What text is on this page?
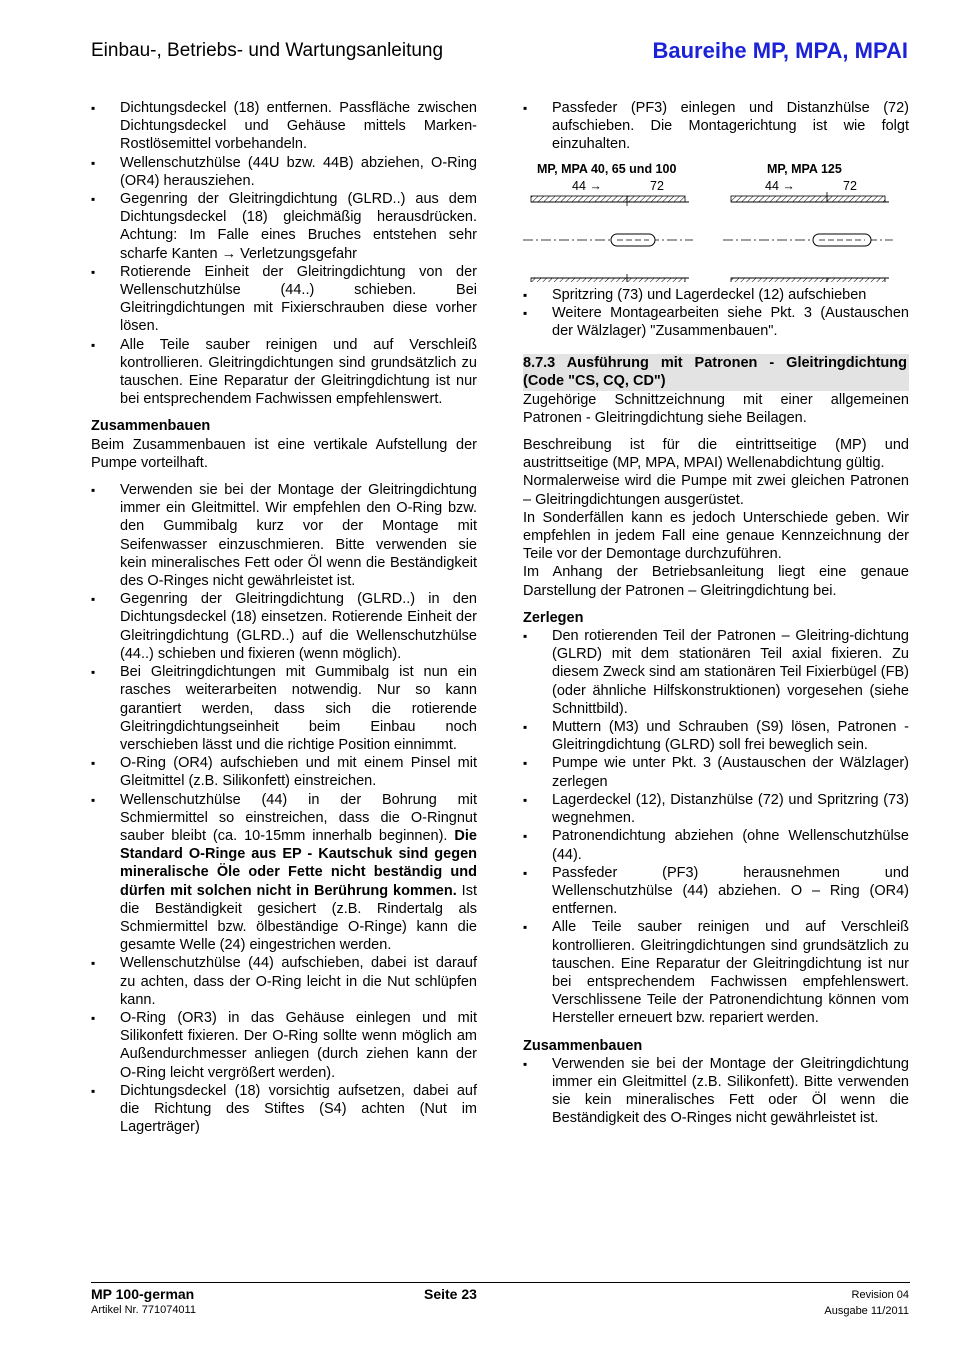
Einbau-, Betriebs- und Wartungsanleitung	Baureihe MP, MPA, MPAI
▪ Dichtungsdeckel (18) entfernen. Passfläche zwischen Dichtungsdeckel und Gehäuse mittels Marken-Rostlösemittel vorbehandeln.
▪ Wellenschutzhülse (44U bzw. 44B) abziehen, O-Ring (OR4) herausziehen.
▪ Gegenring der Gleitringdichtung (GLRD..) aus dem Dichtungsdeckel (18) gleichmäßig herausdrücken. Achtung: Im Falle eines Bruches entstehen sehr scharfe Kanten → Verletzungsgefahr
▪ Rotierende Einheit der Gleitringdichtung von der Wellenschutzhülse (44..) schieben. Bei Gleitringdichtungen mit Fixierschrauben diese vorher lösen.
▪ Alle Teile sauber reinigen und auf Verschleiß kontrollieren. Gleitringdichtungen sind grundsätzlich zu tauschen. Eine Reparatur der Gleitringdichtung ist nur bei entsprechendem Fachwissen empfehlenswert.

Zusammenbauen

Beim Zusammenbauen ist eine vertikale Aufstellung der Pumpe vorteilhaft.

▪ Verwenden sie bei der Montage der Gleitringdichtung immer ein Gleitmittel. Wir empfehlen den O-Ring bzw. den Gummibalg kurz vor der Montage mit Seifenwasser einzuschmieren. Bitte verwenden sie kein mineralisches Fett oder Öl wenn die Beständigkeit des O-Ringes nicht gewährleistet ist.
▪ Gegenring der Gleitringdichtung (GLRD..) in den Dichtungsdeckel (18) einsetzen. Rotierende Einheit der Gleitringdichtung (GLRD..) auf die Wellenschutzhülse (44..) schieben und fixieren (wenn möglich).
▪ Bei Gleitringdichtungen mit Gummibalg ist nun ein rasches weiterarbeiten notwendig. Nur so kann garantiert werden, dass sich die rotierende Gleitringdichtungseinheit beim Einbau noch verschieben lässt und die richtige Position einnimmt.
▪ O-Ring (OR4) aufschieben und mit einem Pinsel mit Gleitmittel (z.B. Silikonfett) einstreichen.
▪ Wellenschutzhülse (44) in der Bohrung mit Schmiermittel so einstreichen, dass die O-Ringnut sauber bleibt (ca. 10-15mm innerhalb beginnen). Die Standard O-Ringe aus EP - Kautschuk sind gegen mineralische Öle oder Fette nicht beständig und dürfen mit solchen nicht in Berührung kommen. Ist die Beständigkeit gesichert (z.B. Rindertalg als Schmiermittel bzw. ölbeständige O-Ringe) kann die gesamte Welle (24) eingestrichen werden.
▪ Wellenschutzhülse (44) aufschieben, dabei ist darauf zu achten, dass der O-Ring leicht in die Nut schlüpfen kann.
▪ O-Ring (OR3) in das Gehäuse einlegen und mit Silikonfett fixieren. Der O-Ring sollte wenn möglich am Außendurchmesser anliegen (durch ziehen kann der O-Ring leicht vergrößert werden).
▪ Dichtungsdeckel (18) vorsichtig aufsetzen, dabei auf die Richtung des Stiftes (S4) achten (Nut im Lagerträger)
▪ Passfeder (PF3) einlegen und Distanzhülse (72) aufschieben. Die Montagerichtung ist wie folgt einzuhalten.
MP, MPA 40, 65 und 100	MP, MPA 125
44 →	72	44 →	72
▪ Spritzring (73) und Lagerdeckel (12) aufschieben
▪ Weitere Montagearbeiten siehe Pkt. 3 (Austauschen der Wälzlager) "Zusammenbauen".

8.7.3 Ausführung mit Patronen - Gleitringdichtung (Code "CS, CQ, CD")

Zugehörige Schnittzeichnung mit einer allgemeinen Patronen - Gleitringdichtung siehe Beilagen.

Beschreibung ist für die eintrittseitige (MP) und austrittseitige (MP, MPA, MPAI) Wellenabdichtung gültig.

Normalerweise wird die Pumpe mit zwei gleichen Patronen – Gleitringdichtungen ausgerüstet.

In Sonderfällen kann es jedoch Unterschiede geben. Wir empfehlen in jedem Fall eine genaue Kennzeichnung der Teile vor der Demontage durchzuführen.

Im Anhang der Betriebsanleitung liegt eine genaue Darstellung der Patronen – Gleitringdichtung bei.

Zerlegen

▪ Den rotierenden Teil der Patronen – Gleitring-dichtung (GLRD) mit dem stationären Teil axial fixieren. Zu diesem Zweck sind am stationären Teil Fixierbügel (FB) (oder ähnliche Hilfskonstruktionen) vorgesehen (siehe Schnittbild).
▪ Muttern (M3) und Schrauben (S9) lösen, Patronen - Gleitringdichtung (GLRD) soll frei beweglich sein.
▪ Pumpe wie unter Pkt. 3 (Austauschen der Wälzlager) zerlegen
▪ Lagerdeckel (12), Distanzhülse (72) und Spritzring (73) wegnehmen.
▪ Patronendichtung abziehen (ohne Wellenschutzhülse (44).
▪ Passfeder (PF3) herausnehmen und Wellenschutzhülse (44) abziehen. O – Ring (OR4) entfernen.
▪ Alle Teile sauber reinigen und auf Verschleiß kontrollieren. Gleitringdichtungen sind grundsätzlich zu tauschen. Eine Reparatur der Gleitringdichtung ist nur bei entsprechendem Fachwissen empfehlenswert. Verschlissene Teile der Patronendichtung können vom Hersteller erneuert bzw. repariert werden.

Zusammenbauen

▪ Verwenden sie bei der Montage der Gleitringdichtung immer ein Gleitmittel (z.B. Silikonfett). Bitte verwenden sie kein mineralisches Fett oder Öl wenn die Beständigkeit des O-Ringes nicht gewährleistet ist.
MP 100-german
Artikel Nr. 771074011
Seite 23	Revision 04
Ausgabe 11/2011
